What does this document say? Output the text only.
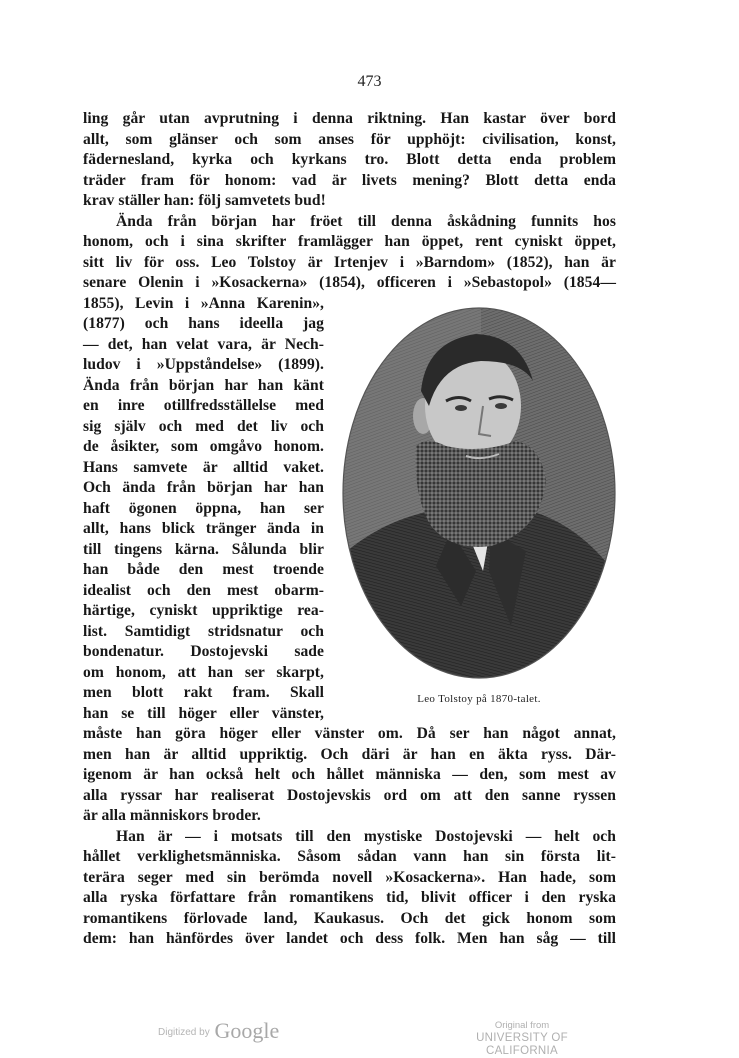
473
ling går utan avprutning i denna riktning. Han kastar över bord
allt, som glänser och som anses för upphöjt: civilisation, konst,
fädernesland, kyrka och kyrkans tro. Blott detta enda problem
träder fram för honom: vad är livets mening? Blott detta enda
krav ställer han: följ samvetets bud!
Ända från början har fröet till denna åskådning funnits hos
honom, och i sina skrifter framlägger han öppet, rent cyniskt öppet,
sitt liv för oss. Leo Tolstoy är Irtenjev i »Barndom» (1852), han är
senare Olenin i »Kosackerna» (1854), officeren i »Sebastopol» (1854—
1855), Levin i »Anna Karenin»,
(1877) och hans ideella jag
— det, han velat vara, är Nech-
ludov i »Uppståndelse» (1899).
Ända från början har han känt
en inre otillfredsställelse med
sig själv och med det liv och
de åsikter, som omgåvo honom.
Hans samvete är alltid vaket.
Och ända från början har han
haft ögonen öppna, han ser
allt, hans blick tränger ända in
till tingens kärna. Sålunda blir
han både den mest troende
idealist och den mest obarm-
härtige, cyniskt uppriktige rea-
list. Samtidigt stridsnatur och
bondenatur. Dostojevski sade
om honom, att han ser skarpt,
men blott rakt fram. Skall
han se till höger eller vänster,
måste han göra höger eller vänster om. Då ser han något annat,
men han är alltid uppriktig. Och däri är han en äkta ryss. Där-
igenom är han också helt och hållet människa — den, som mest av
alla ryssar har realiserat Dostojevskis ord om att den sanne ryssen
är alla människors broder.
Han är — i motsats till den mystiske Dostojevski — helt och
hållet verklighetsmänniska. Såsom sådan vann han sin första lit-
terära seger med sin berömda novell »Kosackerna». Han hade, som
alla ryska författare från romantikens tid, blivit officer i den ryska
romantikens förlovade land, Kaukasus. Och det gick honom som
dem: han hänfördes över landet och dess folk. Men han såg — till
Leo Tolstoy på 1870-talet.
Digitized by Google	Original from
UNIVERSITY OF CALIFORNIA
